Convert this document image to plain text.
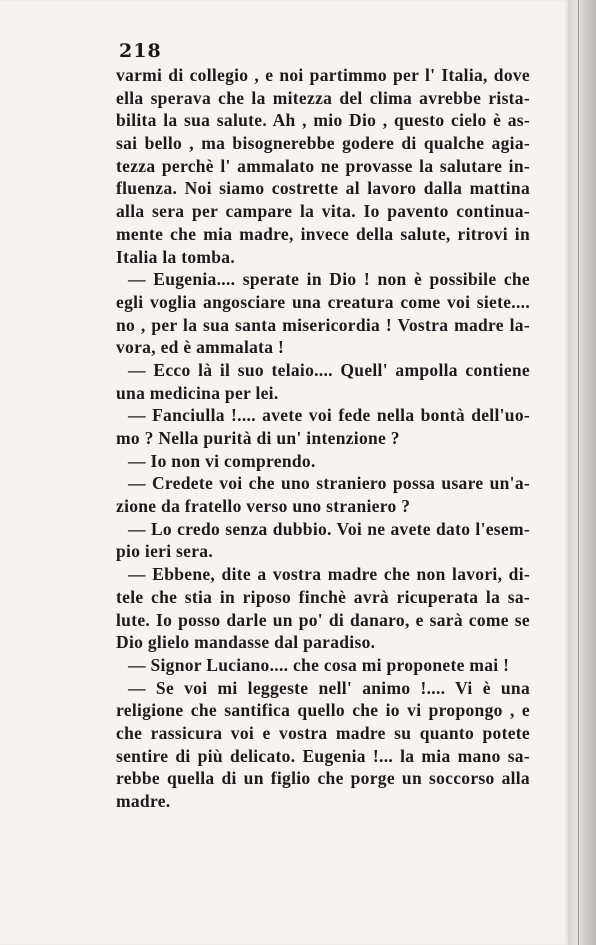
218
varmi di collegio , e noi partimmo per l' Italia, dove
ella sperava che la mitezza del clima avrebbe rista-
bilita la sua salute. Ah , mio Dio , questo cielo è as-
sai bello , ma bisognerebbe godere di qualche agia-
tezza perchè l' ammalato ne provasse la salutare in-
fluenza. Noi siamo costrette al lavoro dalla mattina
alla sera per campare la vita. Io pavento continua-
mente che mia madre, invece della salute, ritrovi in
Italia la tomba.
— Eugenia.... sperate in Dio ! non è possibile che
egli voglia angosciare una creatura come voi siete....
no , per la sua santa misericordia ! Vostra madre la-
vora, ed è ammalata !
— Ecco là il suo telaio.... Quell' ampolla contiene
una medicina per lei.
— Fanciulla !.... avete voi fede nella bontà dell'uo-
mo ? Nella purità di un' intenzione ?
— Io non vi comprendo.
— Credete voi che uno straniero possa usare un'a-
zione da fratello verso uno straniero ?
— Lo credo senza dubbio. Voi ne avete dato l'esem-
pio ieri sera.
— Ebbene, dite a vostra madre che non lavori, di-
tele che stia in riposo finchè avrà ricuperata la sa-
lute. Io posso darle un po' di danaro, e sarà come se
Dio glielo mandasse dal paradiso.
— Signor Luciano.... che cosa mi proponete mai !
— Se voi mi leggeste nell' animo !.... Vi è una
religione che santifica quello che io vi propongo , e
che rassicura voi e vostra madre su quanto potete
sentire di più delicato. Eugenia !... la mia mano sa-
rebbe quella di un figlio che porge un soccorso alla
madre.
